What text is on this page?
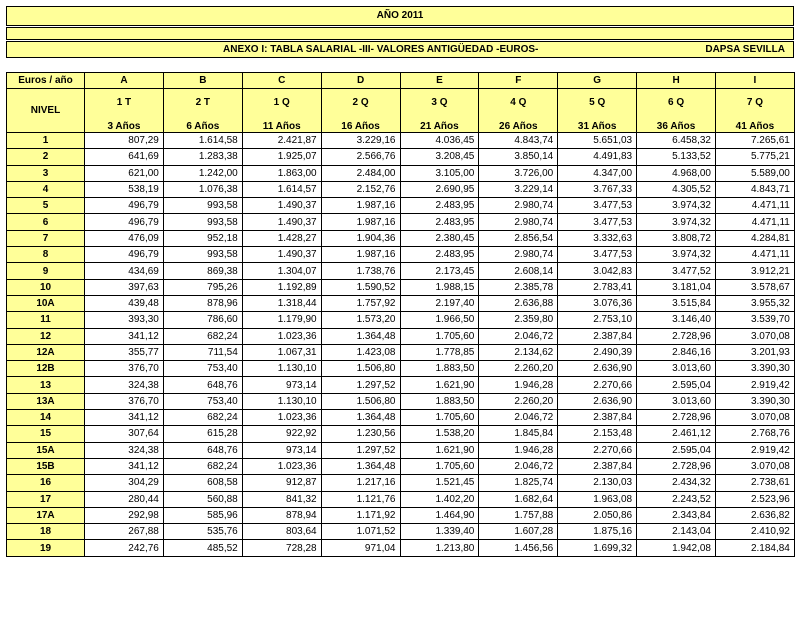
AÑO 2011
ANEXO I: TABLA SALARIAL -III- VALORES ANTIGÜEDAD -EUROS-	DAPSA SEVILLA
Euros / año	A	B	C	D	E	F	G	H	I
NIVEL	1 T	2 T	1 Q	2 Q	3 Q	4 Q	5 Q	6 Q	7 Q
	3 Años	6 Años	11 Años	16 Años	21 Años	26 Años	31 Años	36 Años	41 Años
1	807,29	1.614,58	2.421,87	3.229,16	4.036,45	4.843,74	5.651,03	6.458,32	7.265,61
2	641,69	1.283,38	1.925,07	2.566,76	3.208,45	3.850,14	4.491,83	5.133,52	5.775,21
3	621,00	1.242,00	1.863,00	2.484,00	3.105,00	3.726,00	4.347,00	4.968,00	5.589,00
4	538,19	1.076,38	1.614,57	2.152,76	2.690,95	3.229,14	3.767,33	4.305,52	4.843,71
5	496,79	993,58	1.490,37	1.987,16	2.483,95	2.980,74	3.477,53	3.974,32	4.471,11
6	496,79	993,58	1.490,37	1.987,16	2.483,95	2.980,74	3.477,53	3.974,32	4.471,11
7	476,09	952,18	1.428,27	1.904,36	2.380,45	2.856,54	3.332,63	3.808,72	4.284,81
8	496,79	993,58	1.490,37	1.987,16	2.483,95	2.980,74	3.477,53	3.974,32	4.471,11
9	434,69	869,38	1.304,07	1.738,76	2.173,45	2.608,14	3.042,83	3.477,52	3.912,21
10	397,63	795,26	1.192,89	1.590,52	1.988,15	2.385,78	2.783,41	3.181,04	3.578,67
10A	439,48	878,96	1.318,44	1.757,92	2.197,40	2.636,88	3.076,36	3.515,84	3.955,32
11	393,30	786,60	1.179,90	1.573,20	1.966,50	2.359,80	2.753,10	3.146,40	3.539,70
12	341,12	682,24	1.023,36	1.364,48	1.705,60	2.046,72	2.387,84	2.728,96	3.070,08
12A	355,77	711,54	1.067,31	1.423,08	1.778,85	2.134,62	2.490,39	2.846,16	3.201,93
12B	376,70	753,40	1.130,10	1.506,80	1.883,50	2.260,20	2.636,90	3.013,60	3.390,30
13	324,38	648,76	973,14	1.297,52	1.621,90	1.946,28	2.270,66	2.595,04	2.919,42
13A	376,70	753,40	1.130,10	1.506,80	1.883,50	2.260,20	2.636,90	3.013,60	3.390,30
14	341,12	682,24	1.023,36	1.364,48	1.705,60	2.046,72	2.387,84	2.728,96	3.070,08
15	307,64	615,28	922,92	1.230,56	1.538,20	1.845,84	2.153,48	2.461,12	2.768,76
15A	324,38	648,76	973,14	1.297,52	1.621,90	1.946,28	2.270,66	2.595,04	2.919,42
15B	341,12	682,24	1.023,36	1.364,48	1.705,60	2.046,72	2.387,84	2.728,96	3.070,08
16	304,29	608,58	912,87	1.217,16	1.521,45	1.825,74	2.130,03	2.434,32	2.738,61
17	280,44	560,88	841,32	1.121,76	1.402,20	1.682,64	1.963,08	2.243,52	2.523,96
17A	292,98	585,96	878,94	1.171,92	1.464,90	1.757,88	2.050,86	2.343,84	2.636,82
18	267,88	535,76	803,64	1.071,52	1.339,40	1.607,28	1.875,16	2.143,04	2.410,92
19	242,76	485,52	728,28	971,04	1.213,80	1.456,56	1.699,32	1.942,08	2.184,84
